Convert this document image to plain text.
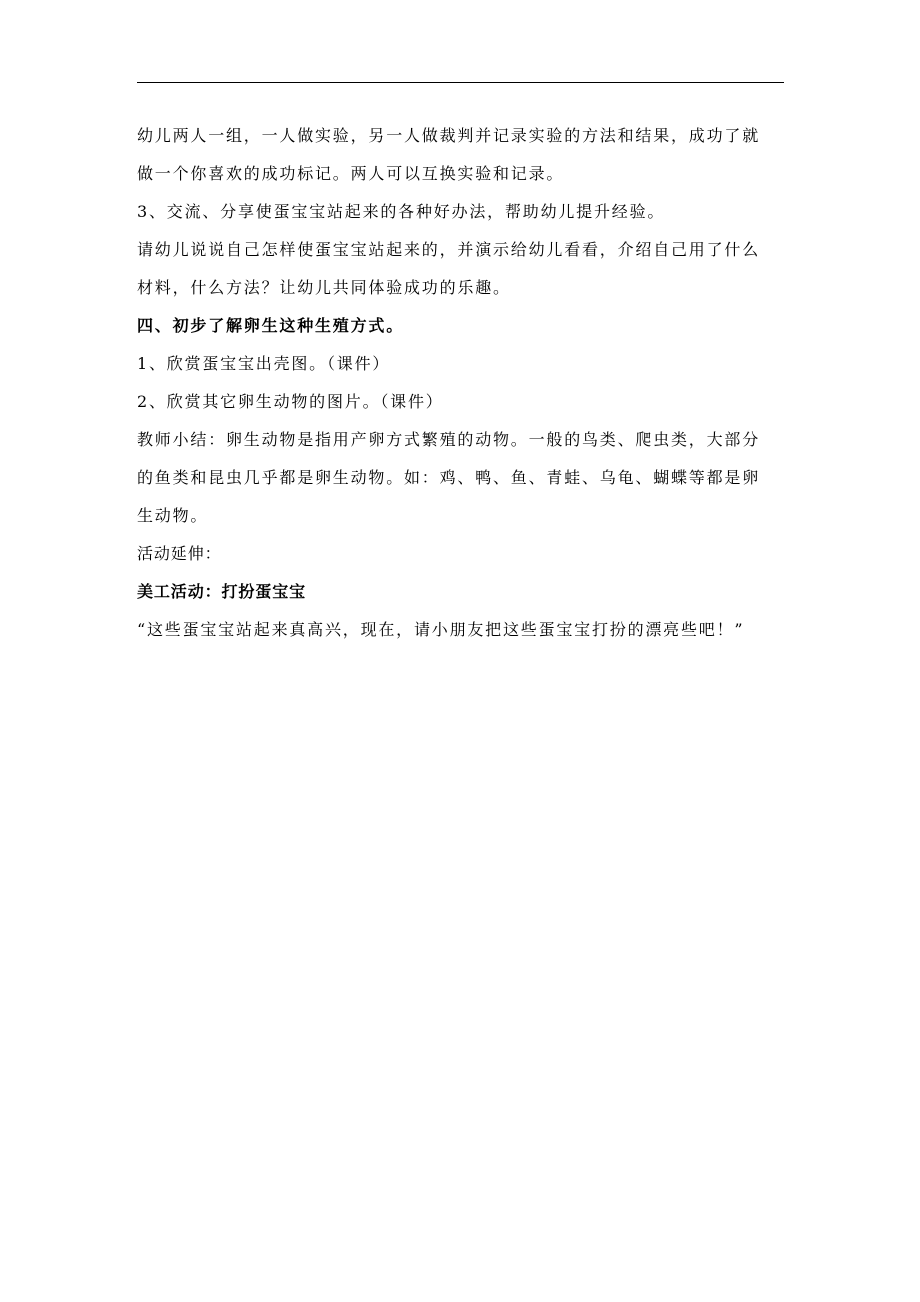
幼儿两人一组，一人做实验，另一人做裁判并记录实验的方法和结果，成功了就
做一个你喜欢的成功标记。两人可以互换实验和记录。
3、交流、分享使蛋宝宝站起来的各种好办法，帮助幼儿提升经验。
请幼儿说说自己怎样使蛋宝宝站起来的，并演示给幼儿看看，介绍自己用了什么
材料，什么方法？让幼儿共同体验成功的乐趣。
四、初步了解卵生这种生殖方式。
1、欣赏蛋宝宝出壳图。（课件）
2、欣赏其它卵生动物的图片。（课件）
教师小结：卵生动物是指用产卵方式繁殖的动物。一般的鸟类、爬虫类，大部分
的鱼类和昆虫几乎都是卵生动物。如：鸡、鸭、鱼、青蛙、乌龟、蝴蝶等都是卵
生动物。
活动延伸：
美工活动：打扮蛋宝宝
“这些蛋宝宝站起来真高兴，现在，请小朋友把这些蛋宝宝打扮的漂亮些吧！”
